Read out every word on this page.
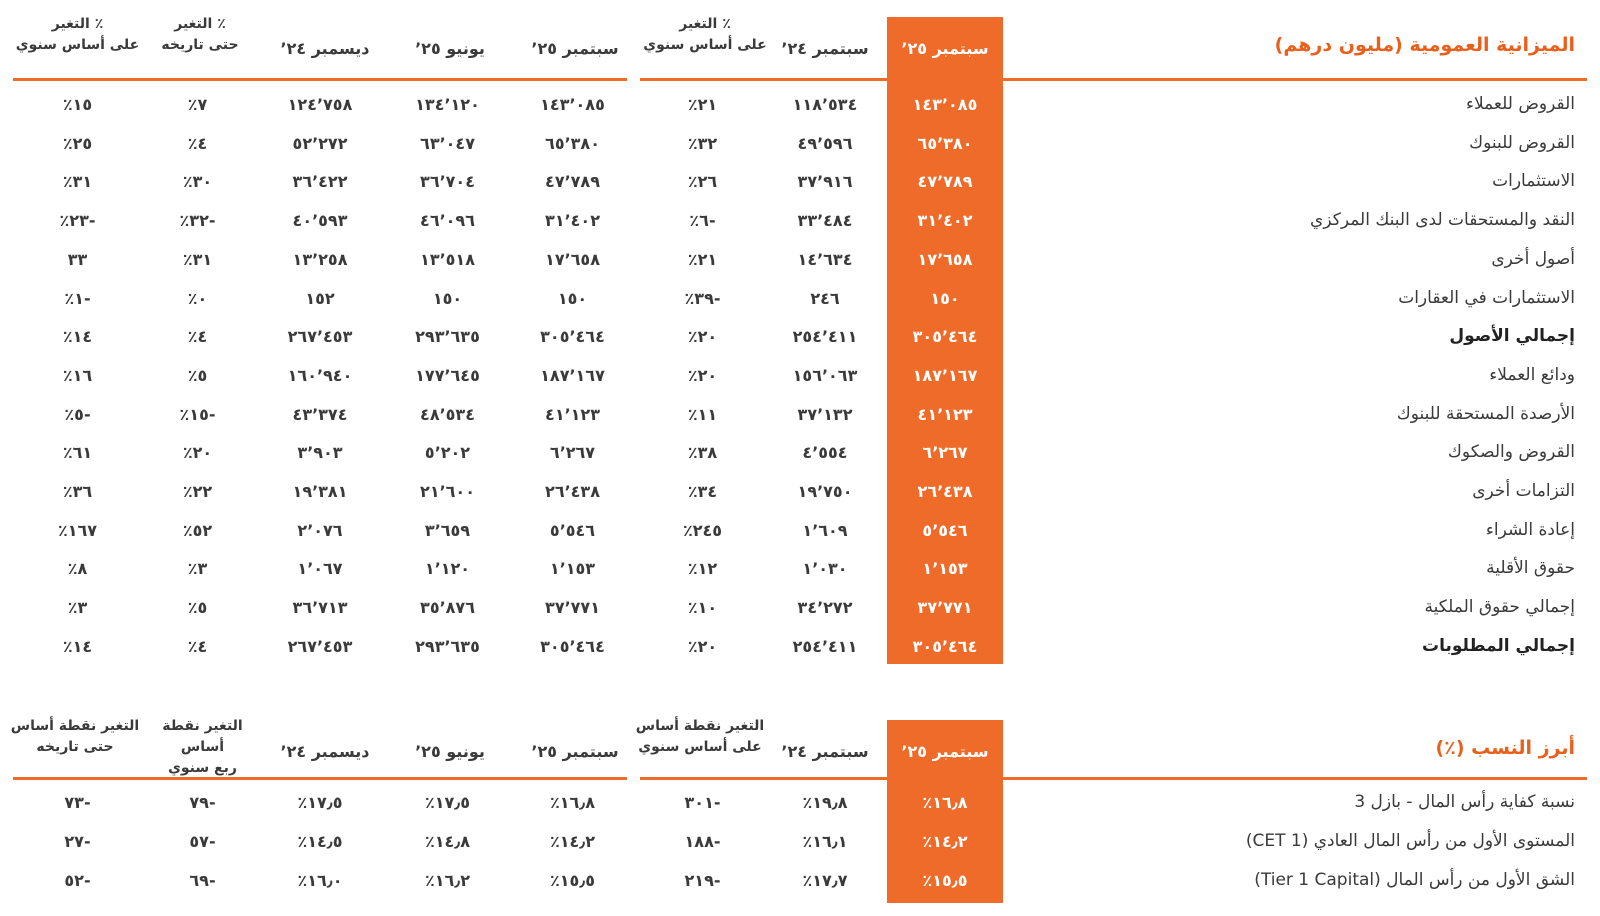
الميزانية العمومية (مليون درهم)
سبتمبر ٬٢٥
سبتمبر ٬٢٤
التغير ٪
على أساس سنوي
سبتمبر ٬٢٥
يونيو ٬٢٥
ديسمبر ٬٢٤
التغير ٪
حتى تاريخه
التغير ٪
على أساس سنوي
القروض للعملاء
١٤٣٬٠٨٥
١١٨٬٥٣٤
٪٢١
١٤٣٬٠٨٥
١٣٤٬١٢٠
١٢٤٬٧٥٨
٪٧
٪١٥
القروض للبنوك
٦٥٬٣٨٠
٤٩٬٥٩٦
٪٣٢
٦٥٬٣٨٠
٦٣٬٠٤٧
٥٢٬٢٧٢
٪٤
٪٢٥
الاستثمارات
٤٧٬٧٨٩
٣٧٬٩١٦
٪٢٦
٤٧٬٧٨٩
٣٦٬٧٠٤
٣٦٬٤٢٢
٪٣٠
٪٣١
النقد والمستحقات لدى البنك المركزي
٣١٬٤٠٢
٣٣٬٤٨٤
٪٦-
٣١٬٤٠٢
٤٦٬٠٩٦
٤٠٬٥٩٣
٪٣٢-
٪٢٣-
أصول أخرى
١٧٬٦٥٨
١٤٬٦٣٤
٪٢١
١٧٬٦٥٨
١٣٬٥١٨
١٣٬٢٥٨
٪٣١
٣٣
الاستثمارات في العقارات
١٥٠
٢٤٦
٪٣٩-
١٥٠
١٥٠
١٥٢
٪٠
٪١-
إجمالي الأصول
٣٠٥٬٤٦٤
٢٥٤٬٤١١
٪٢٠
٣٠٥٬٤٦٤
٢٩٣٬٦٣٥
٢٦٧٬٤٥٣
٪٤
٪١٤
ودائع العملاء
١٨٧٬١٦٧
١٥٦٬٠٦٣
٪٢٠
١٨٧٬١٦٧
١٧٧٬٦٤٥
١٦٠٬٩٤٠
٪٥
٪١٦
الأرصدة المستحقة للبنوك
٤١٬١٢٣
٣٧٬١٣٢
٪١١
٤١٬١٢٣
٤٨٬٥٣٤
٤٣٬٣٧٤
٪١٥-
٪٥-
القروض والصكوك
٦٬٢٦٧
٤٬٥٥٤
٪٣٨
٦٬٢٦٧
٥٬٢٠٢
٣٬٩٠٣
٪٢٠
٪٦١
التزامات أخرى
٢٦٬٤٣٨
١٩٬٧٥٠
٪٣٤
٢٦٬٤٣٨
٢١٬٦٠٠
١٩٬٣٨١
٪٢٢
٪٣٦
إعادة الشراء
٥٬٥٤٦
١٬٦٠٩
٪٢٤٥
٥٬٥٤٦
٣٬٦٥٩
٢٬٠٧٦
٪٥٢
٪١٦٧
حقوق الأقلية
١٬١٥٣
١٬٠٣٠
٪١٢
١٬١٥٣
١٬١٢٠
١٬٠٦٧
٪٣
٪٨
إجمالي حقوق الملكية
٣٧٬٧٧١
٣٤٬٢٧٢
٪١٠
٣٧٬٧٧١
٣٥٬٨٧٦
٣٦٬٧١٣
٪٥
٪٣
إجمالي المطلوبات
٣٠٥٬٤٦٤
٢٥٤٬٤١١
٪٢٠
٣٠٥٬٤٦٤
٢٩٣٬٦٣٥
٢٦٧٬٤٥٣
٪٤
٪١٤
أبرز النسب (٪)
سبتمبر ٬٢٥
سبتمبر ٬٢٤
التغير نقطة أساس
على أساس سنوي
سبتمبر ٬٢٥
يونيو ٬٢٥
ديسمبر ٬٢٤
التغير نقطة أساس
ربع سنوي
التغير نقطة أساس
حتى تاريخه
نسبة كفاية رأس المال - بازل 3
٪١٦٫٨
٪١٩٫٨
٣٠١-
٪١٦٫٨
٪١٧٫٥
٪١٧٫٥
٧٩-
٧٣-
المستوى الأول من رأس المال العادي (CET 1)
٪١٤٫٢
٪١٦٫١
١٨٨-
٪١٤٫٢
٪١٤٫٨
٪١٤٫٥
٥٧-
٢٧-
الشق الأول من رأس المال (Tier 1 Capital)
٪١٥٫٥
٪١٧٫٧
٢١٩-
٪١٥٫٥
٪١٦٫٢
٪١٦٫٠
٦٩-
٥٢-
